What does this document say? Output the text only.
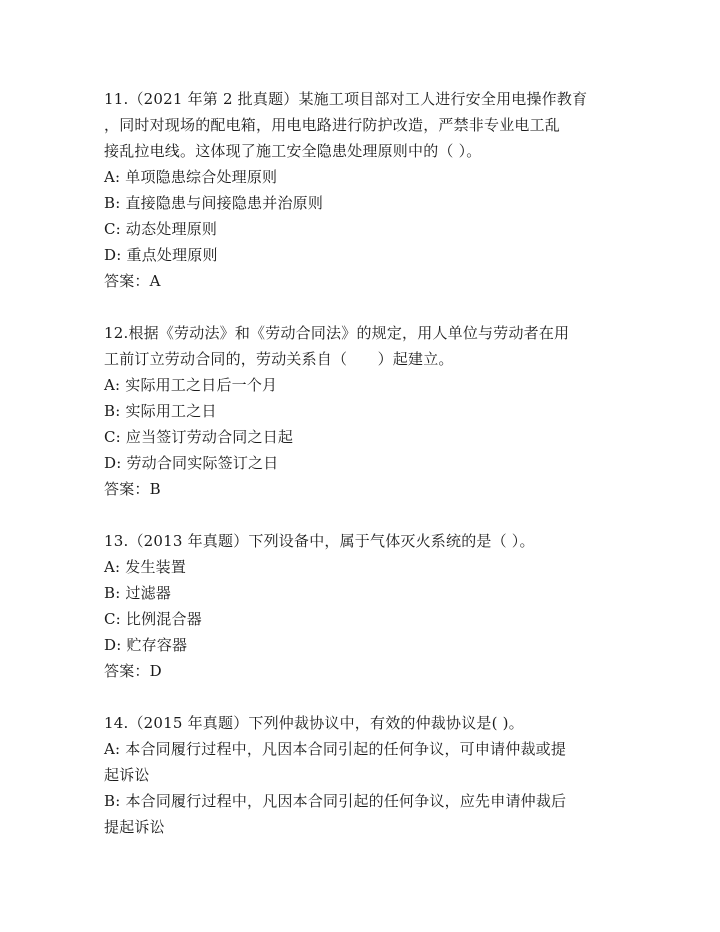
11.（2021 年第 2 批真题）某施工项目部对工人进行安全用电操作教育
，同时对现场的配电箱，用电电路进行防护改造，严禁非专业电工乱
接乱拉电线。这体现了施工安全隐患处理原则中的（ ）。
A: 单项隐患综合处理原则
B: 直接隐患与间接隐患并治原则
C: 动态处理原则
D: 重点处理原则
答案：A
12.根据《劳动法》和《劳动合同法》的规定，用人单位与劳动者在用
工前订立劳动合同的，劳动关系自（　　）起建立。
A: 实际用工之日后一个月
B: 实际用工之日
C: 应当签订劳动合同之日起
D: 劳动合同实际签订之日
答案：B
13.（2013 年真题）下列设备中，属于气体灭火系统的是（ ）。
A: 发生装置
B: 过滤器
C: 比例混合器
D: 贮存容器
答案：D
14.（2015 年真题）下列仲裁协议中，有效的仲裁协议是( )。
A: 本合同履行过程中，凡因本合同引起的任何争议，可申请仲裁或提
起诉讼
B: 本合同履行过程中，凡因本合同引起的任何争议，应先申请仲裁后
提起诉讼
